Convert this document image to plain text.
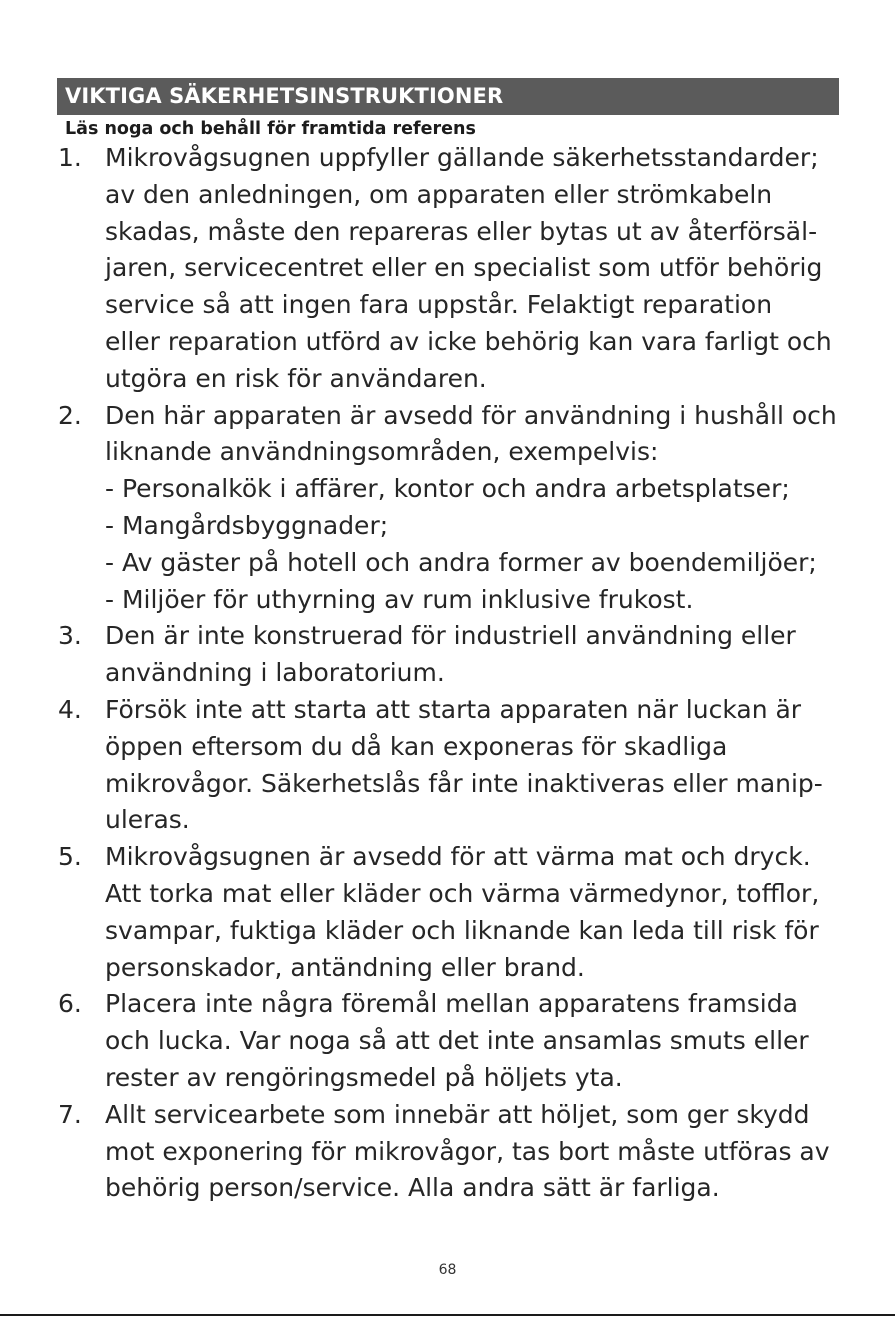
VIKTIGA SÄKERHETSINSTRUKTIONER
Läs noga och behåll för framtida referens
1. Mikrovågsugnen uppfyller gällande säkerhetsstandarder;
av den anledningen, om apparaten eller strömkabeln
skadas, måste den repareras eller bytas ut av återförsäl-
jaren, servicecentret eller en specialist som utför behörig
service så att ingen fara uppstår. Felaktigt reparation
eller reparation utförd av icke behörig kan vara farligt och
utgöra en risk för användaren.
2. Den här apparaten är avsedd för användning i hushåll och
liknande användningsområden, exempelvis:
- Personalkök i affärer, kontor och andra arbetsplatser;
- Mangårdsbyggnader;
- Av gäster på hotell och andra former av boendemiljöer;
- Miljöer för uthyrning av rum inklusive frukost.
3. Den är inte konstruerad för industriell användning eller
användning i laboratorium.
4. Försök inte att starta att starta apparaten när luckan är
öppen eftersom du då kan exponeras för skadliga
mikrovågor. Säkerhetslås får inte inaktiveras eller manip-
uleras.
5. Mikrovågsugnen är avsedd för att värma mat och dryck.
Att torka mat eller kläder och värma värmedynor, tofflor,
svampar, fuktiga kläder och liknande kan leda till risk för
personskador, antändning eller brand.
6. Placera inte några föremål mellan apparatens framsida
och lucka. Var noga så att det inte ansamlas smuts eller
rester av rengöringsmedel på höljets yta.
7. Allt servicearbete som innebär att höljet, som ger skydd
mot exponering för mikrovågor, tas bort måste utföras av
behörig person/service. Alla andra sätt är farliga.
68
